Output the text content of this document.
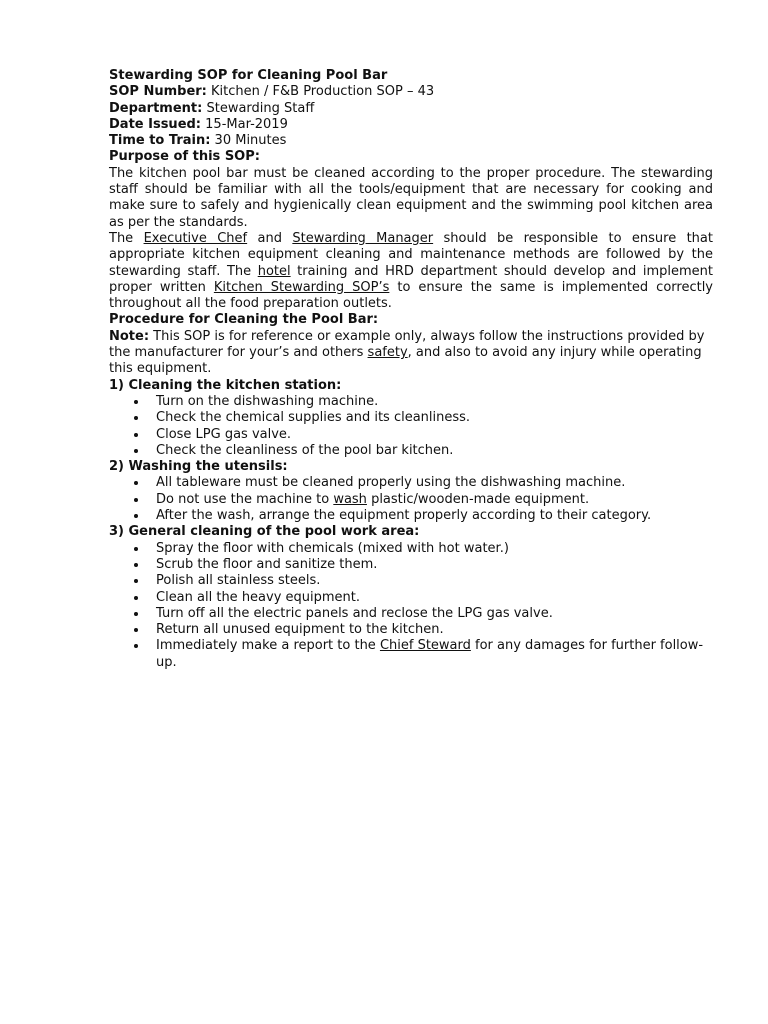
Stewarding SOP for Cleaning Pool Bar

SOP Number: Kitchen / F&B Production SOP – 43

Department: Stewarding Staff

Date Issued: 15-Mar-2019

Time to Train: 30 Minutes

Purpose of this SOP:

The kitchen pool bar must be cleaned according to the proper procedure. The stewarding staff should be familiar with all the tools/equipment that are necessary for cooking and make sure to safely and hygienically clean equipment and the swimming pool kitchen area as per the standards.

The Executive Chef and Stewarding Manager should be responsible to ensure that appropriate kitchen equipment cleaning and maintenance methods are followed by the stewarding staff. The hotel training and HRD department should develop and implement proper written Kitchen Stewarding SOP’s to ensure the same is implemented correctly throughout all the food preparation outlets.

Procedure for Cleaning the Pool Bar:

Note: This SOP is for reference or example only, always follow the instructions provided by the manufacturer for your’s and others safety, and also to avoid any injury while operating this equipment.

1) Cleaning the kitchen station:

Turn on the dishwashing machine.
Check the chemical supplies and its cleanliness.
Close LPG gas valve.
Check the cleanliness of the pool bar kitchen.

2) Washing the utensils:

All tableware must be cleaned properly using the dishwashing machine.
Do not use the machine to wash plastic/wooden-made equipment.
After the wash, arrange the equipment properly according to their category.

3) General cleaning of the pool work area:

Spray the floor with chemicals (mixed with hot water.)
Scrub the floor and sanitize them.
Polish all stainless steels.
Clean all the heavy equipment.
Turn off all the electric panels and reclose the LPG gas valve.
Return all unused equipment to the kitchen.
Immediately make a report to the Chief Steward for any damages for further follow-up.
